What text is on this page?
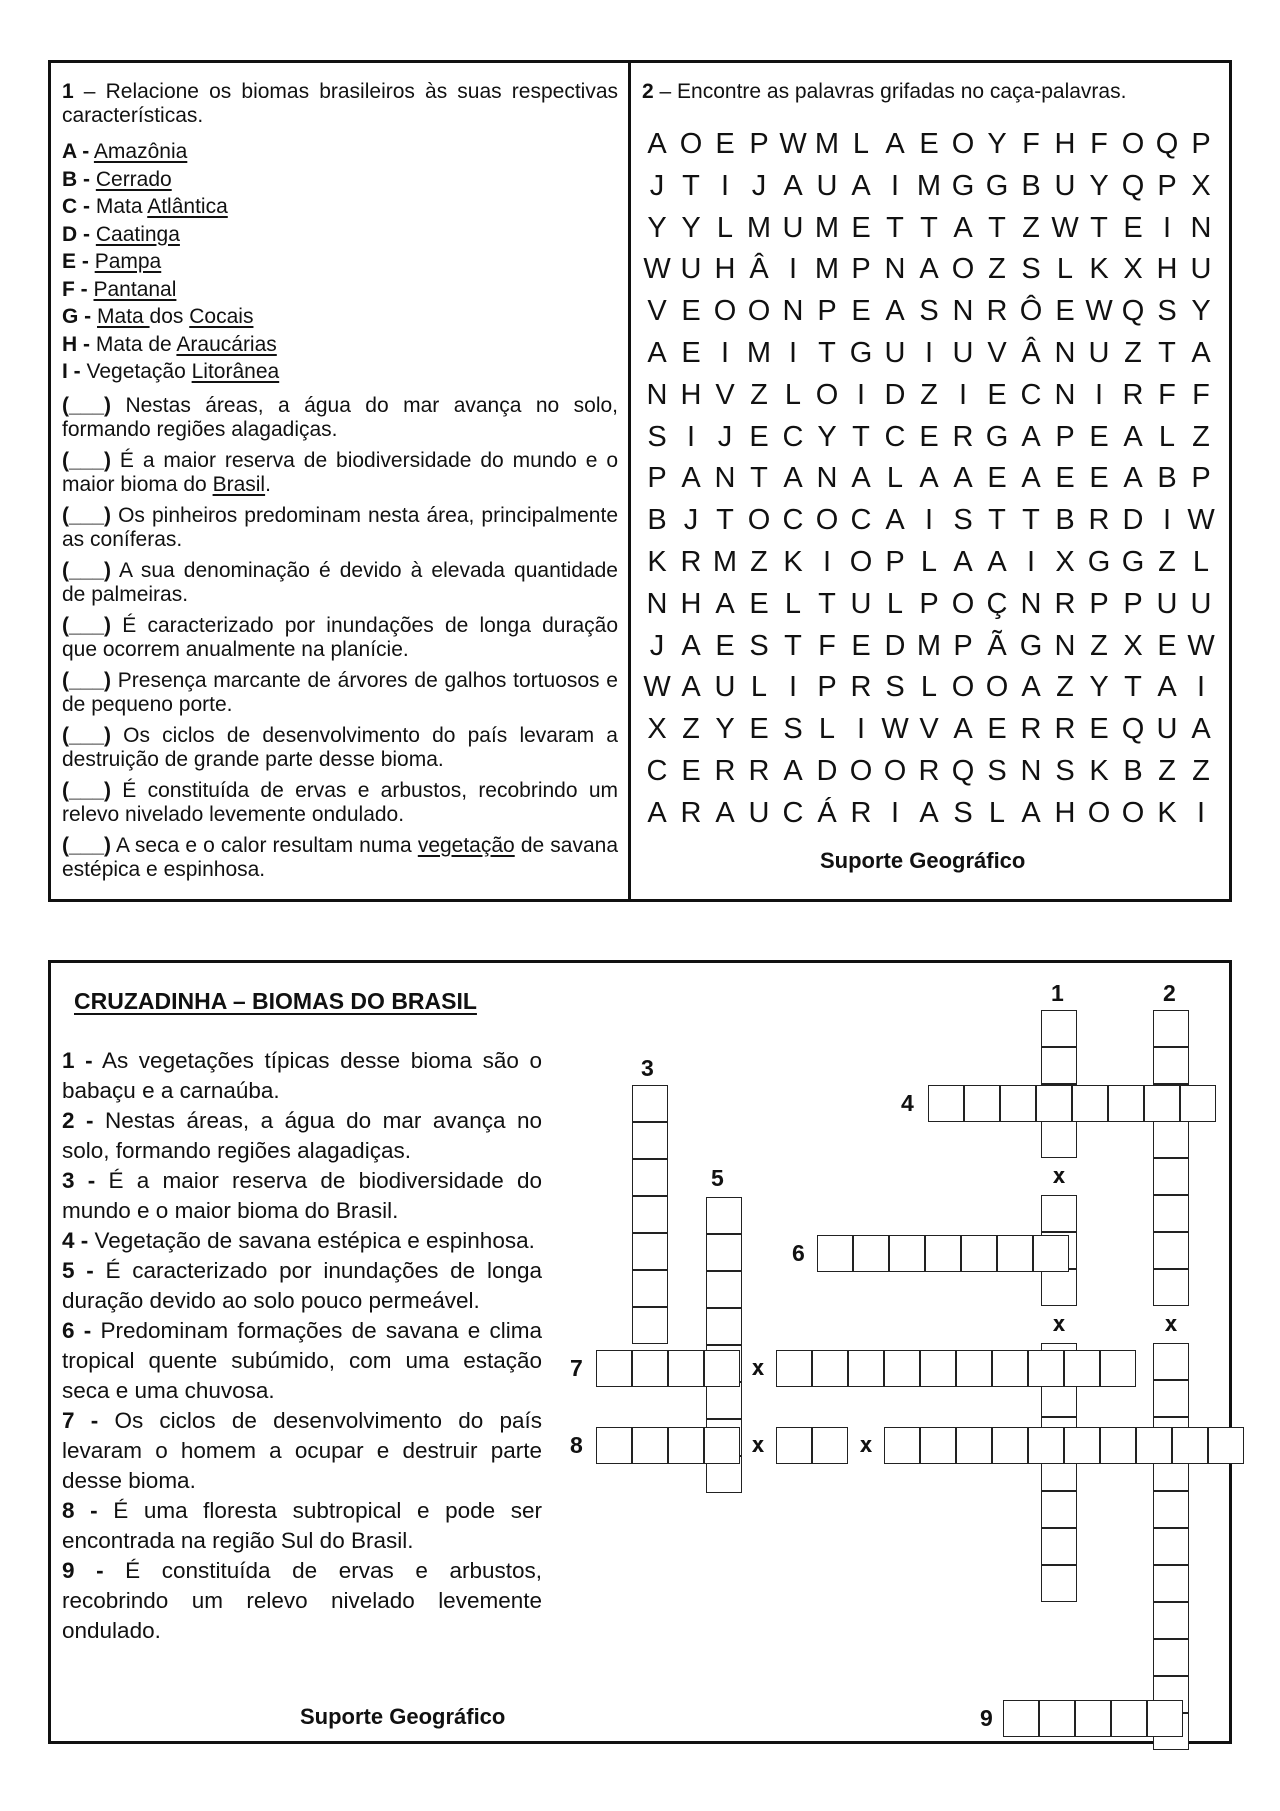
1 – Relacione os biomas brasileiros às suas respectivas características.
A - Amazônia
B - Cerrado
C - Mata Atlântica
D - Caatinga
E - Pampa
F - Pantanal
G - Mata dos Cocais
H - Mata de Araucárias
I - Vegetação Litorânea
(___) Nestas áreas, a água do mar avança no solo, formando regiões alagadiças.
(___) É a maior reserva de biodiversidade do mundo e o maior bioma do Brasil.
(___) Os pinheiros predominam nesta área, principalmente as coníferas.
(___) A sua denominação é devido à elevada quantidade de palmeiras.
(___) É caracterizado por inundações de longa duração que ocorrem anualmente na planície.
(___) Presença marcante de árvores de galhos tortuosos e de pequeno porte.
(___) Os ciclos de desenvolvimento do país levaram a destruição de grande parte desse bioma.
(___) É constituída de ervas e arbustos, recobrindo um relevo nivelado levemente ondulado.
(___) A seca e o calor resultam numa vegetação de savana estépica e espinhosa.
2 – Encontre as palavras grifadas no caça-palavras.
A O E P W M L A E O Y F H F O Q P
J T I J A U A I M G G B U Y Q P X
Y Y L M U M E T T A T Z W T E I N
W U H Â I M P N A O Z S L K X H U
V E O O N P E A S N R Ô E W Q S Y
A E I M I T G U I U V Â N U Z T A
N H V Z L O I D Z I E C N I R F F
S I J E C Y T C E R G A P E A L Z
P A N T A N A L A A E A E E A B P
B J T O C O C A I S T T B R D I W
K R M Z K I O P L A A I X G G Z L
N H A E L T U L P O Ç N R P P U U
J A E S T F E D M P Ã G N Z X E W
W A U L I P R S L O O A Z Y T A I
X Z Y E S L I W V A E R R E Q U A
C E R R A D O O R Q S N S K B Z Z
A R A U C Á R I A S L A H O O K I
Suporte Geográfico
CRUZADINHA – BIOMAS DO BRASIL
1 - As vegetações típicas desse bioma são o babaçu e a carnaúba.
2 - Nestas áreas, a água do mar avança no solo, formando regiões alagadiças.
3 - É a maior reserva de biodiversidade do mundo e o maior bioma do Brasil.
4 - Vegetação de savana estépica e espinhosa.
5 - É caracterizado por inundações de longa duração devido ao solo pouco permeável.
6 - Predominam formações de savana e clima tropical quente subúmido, com uma estação seca e uma chuvosa.
7 - Os ciclos de desenvolvimento do país levaram o homem a ocupar e destruir parte desse bioma.
8 - É uma floresta subtropical e pode ser encontrada na região Sul do Brasil.
9 - É constituída de ervas e arbustos, recobrindo um relevo nivelado levemente ondulado.
Suporte Geográfico
x
x	x
x
x	x
1	2
3
4
5
6
7
8
9
